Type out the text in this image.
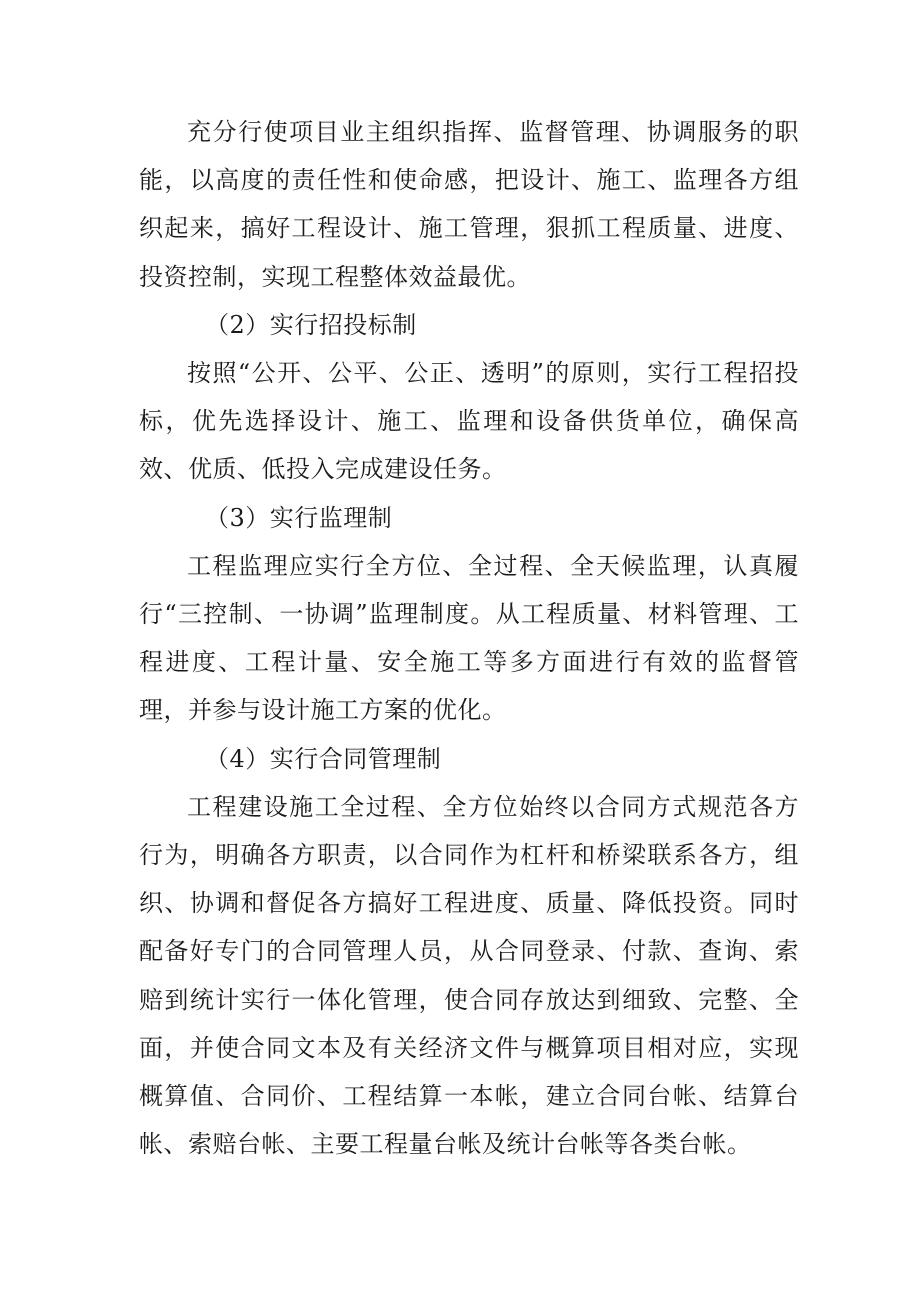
充分行使项目业主组织指挥、监督管理、协调服务的职能，以高度的责任性和使命感，把设计、施工、监理各方组织起来，搞好工程设计、施工管理，狠抓工程质量、进度、投资控制，实现工程整体效益最优。

（2）实行招投标制

按照“公开、公平、公正、透明”的原则，实行工程招投标，优先选择设计、施工、监理和设备供货单位，确保高效、优质、低投入完成建设任务。

（3）实行监理制

工程监理应实行全方位、全过程、全天候监理，认真履行“三控制、一协调”监理制度。从工程质量、材料管理、工程进度、工程计量、安全施工等多方面进行有效的监督管理，并参与设计施工方案的优化。

（4）实行合同管理制

工程建设施工全过程、全方位始终以合同方式规范各方行为，明确各方职责，以合同作为杠杆和桥梁联系各方，组织、协调和督促各方搞好工程进度、质量、降低投资。同时配备好专门的合同管理人员，从合同登录、付款、查询、索赔到统计实行一体化管理，使合同存放达到细致、完整、全面，并使合同文本及有关经济文件与概算项目相对应，实现概算值、合同价、工程结算一本帐，建立合同台帐、结算台帐、索赔台帐、主要工程量台帐及统计台帐等各类台帐。
